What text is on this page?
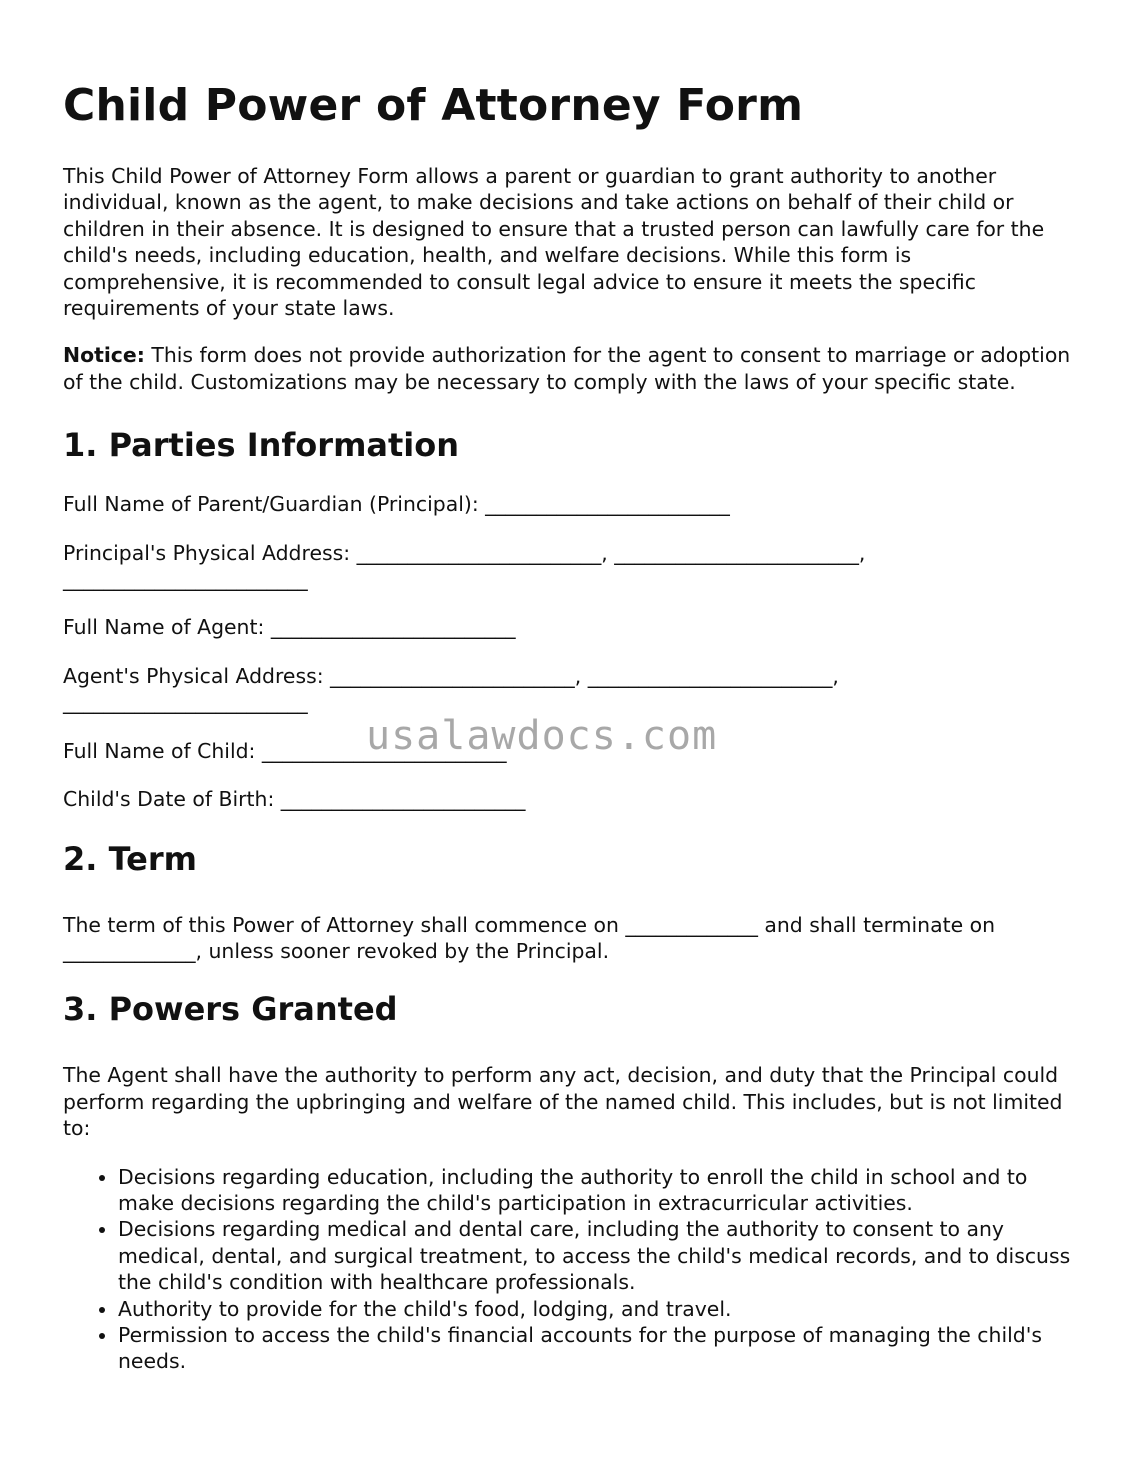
Child Power of Attorney Form

This Child Power of Attorney Form allows a parent or guardian to grant authority to another individual, known as the agent, to make decisions and take actions on behalf of their child or children in their absence. It is designed to ensure that a trusted person can lawfully care for the child's needs, including education, health, and welfare decisions. While this form is comprehensive, it is recommended to consult legal advice to ensure it meets the specific requirements of your state laws.

Notice: This form does not provide authorization for the agent to consent to marriage or adoption of the child. Customizations may be necessary to comply with the laws of your specific state.

1. Parties Information

Full Name of Parent/Guardian (Principal): ________________________

Principal's Physical Address: ________________________, ________________________,

________________________

Full Name of Agent: ________________________

Agent's Physical Address: ________________________, ________________________,

________________________

Full Name of Child: ________________________

Child's Date of Birth: ________________________

2. Term

The term of this Power of Attorney shall commence on _____________ and shall terminate on _____________, unless sooner revoked by the Principal.

3. Powers Granted

The Agent shall have the authority to perform any act, decision, and duty that the Principal could perform regarding the upbringing and welfare of the named child. This includes, but is not limited to:

• Decisions regarding education, including the authority to enroll the child in school and to make decisions regarding the child's participation in extracurricular activities.
• Decisions regarding medical and dental care, including the authority to consent to any medical, dental, and surgical treatment, to access the child's medical records, and to discuss the child's condition with healthcare professionals.
• Authority to provide for the child's food, lodging, and travel.
• Permission to access the child's financial accounts for the purpose of managing the child's needs.
usalawdocs.com
